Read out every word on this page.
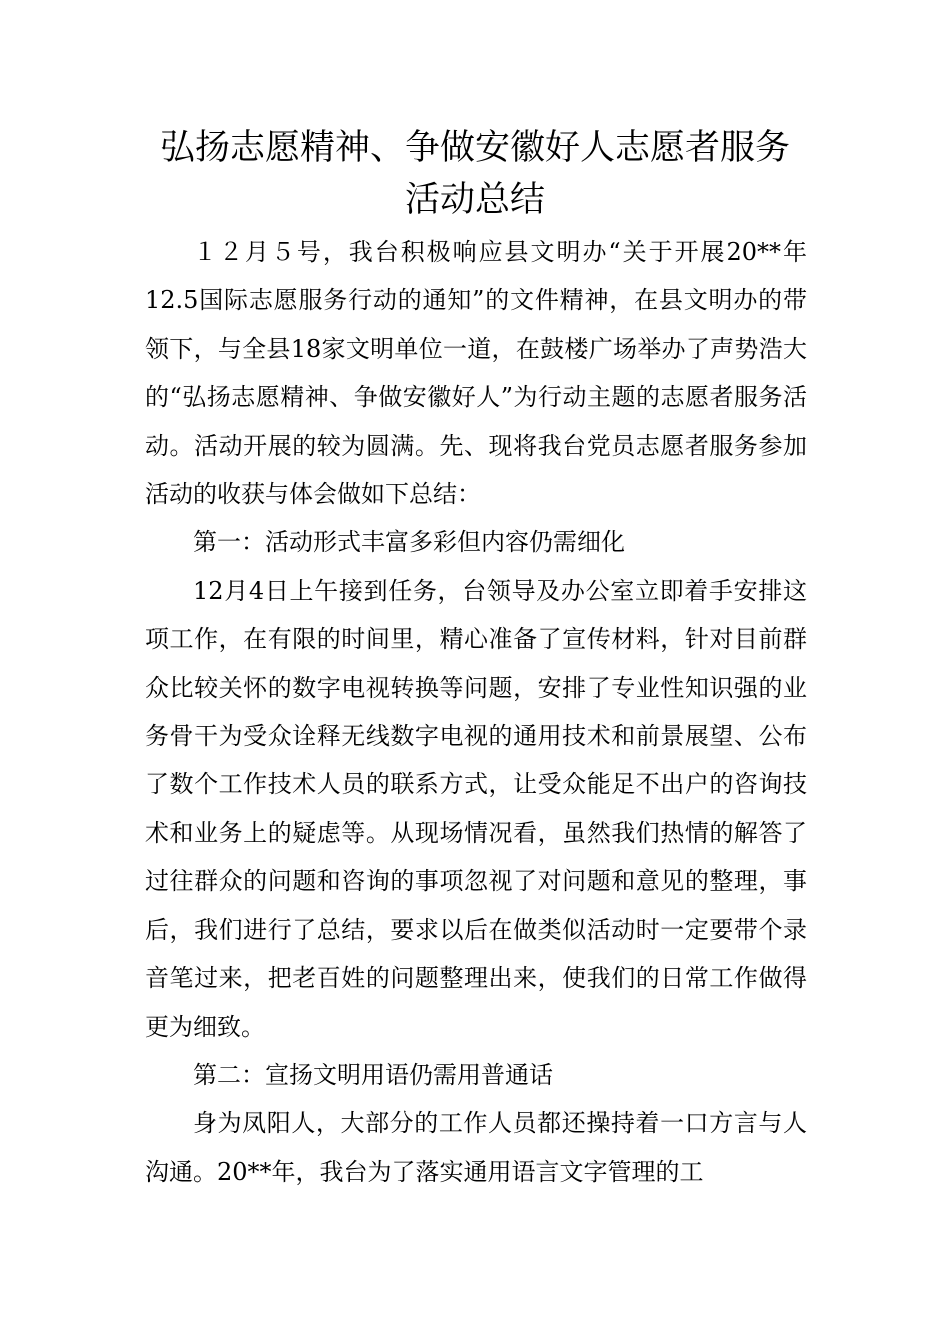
弘扬志愿精神、争做安徽好人志愿者服务
活动总结

１２月５号，我台积极响应县文明办“关于开展20**年12.5国际志愿服务行动的通知”的文件精神，在县文明办的带领下，与全县18家文明单位一道，在鼓楼广场举办了声势浩大的“弘扬志愿精神、争做安徽好人”为行动主题的志愿者服务活动。活动开展的较为圆满。先、现将我台党员志愿者服务参加活动的收获与体会做如下总结：

第一：活动形式丰富多彩但内容仍需细化

12月4日上午接到任务，台领导及办公室立即着手安排这项工作，在有限的时间里，精心准备了宣传材料，针对目前群众比较关怀的数字电视转换等问题，安排了专业性知识强的业务骨干为受众诠释无线数字电视的通用技术和前景展望、公布了数个工作技术人员的联系方式，让受众能足不出户的咨询技术和业务上的疑虑等。从现场情况看，虽然我们热情的解答了过往群众的问题和咨询的事项忽视了对问题和意见的整理，事后，我们进行了总结，要求以后在做类似活动时一定要带个录音笔过来，把老百姓的问题整理出来，使我们的日常工作做得更为细致。

第二：宣扬文明用语仍需用普通话

身为凤阳人，大部分的工作人员都还操持着一口方言与人沟通。20**年，我台为了落实通用语言文字管理的工
